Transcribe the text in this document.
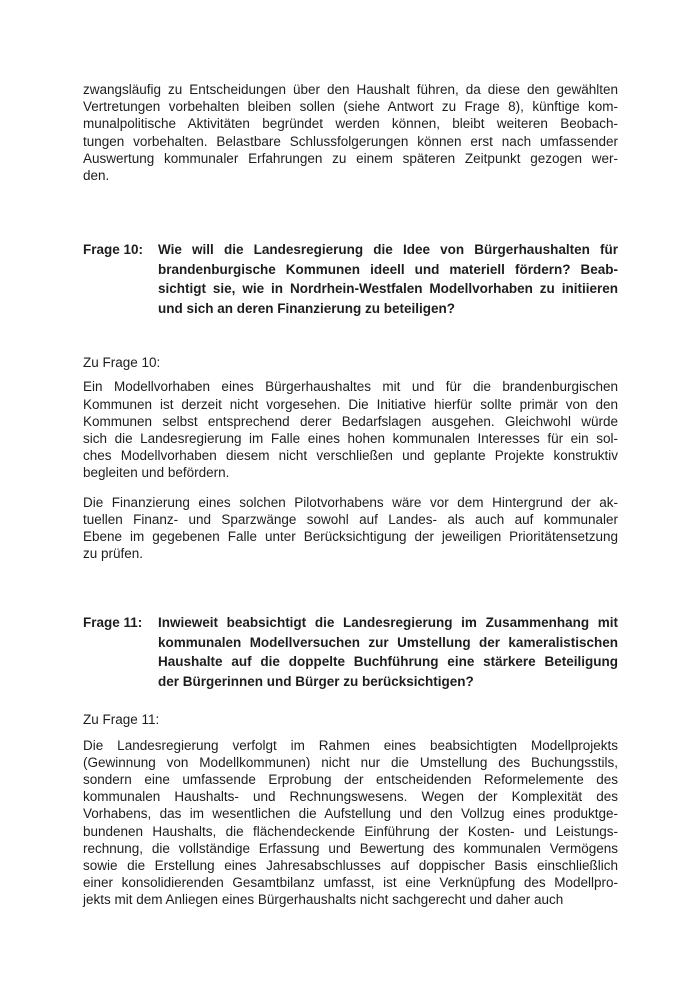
zwangsläufig zu Entscheidungen über den Haushalt führen, da diese den gewählten
Vertretungen vorbehalten bleiben sollen (siehe Antwort zu Frage 8), künftige kom-
munalpolitische Aktivitäten begründet werden können, bleibt weiteren Beobach-
tungen vorbehalten. Belastbare Schlussfolgerungen können erst nach umfassender
Auswertung kommunaler Erfahrungen zu einem späteren Zeitpunkt gezogen wer-
den.
Frage 10:	Wie will die Landesregierung die Idee von Bürgerhaushalten für
brandenburgische Kommunen ideell und materiell fördern? Beab-
sichtigt sie, wie in Nordrhein-Westfalen Modellvorhaben zu initiieren
und sich an deren Finanzierung zu beteiligen?
Zu Frage 10:
Ein Modellvorhaben eines Bürgerhaushaltes mit und für die brandenburgischen
Kommunen ist derzeit nicht vorgesehen. Die Initiative hierfür sollte primär von den
Kommunen selbst entsprechend derer Bedarfslagen ausgehen. Gleichwohl würde
sich die Landesregierung im Falle eines hohen kommunalen Interesses für ein sol-
ches Modellvorhaben diesem nicht verschließen und geplante Projekte konstruktiv
begleiten und befördern.
Die Finanzierung eines solchen Pilotvorhabens wäre vor dem Hintergrund der ak-
tuellen Finanz- und Sparzwänge sowohl auf Landes- als auch auf kommunaler
Ebene im gegebenen Falle unter Berücksichtigung der jeweiligen Prioritätensetzung
zu prüfen.
Frage 11:	Inwieweit beabsichtigt die Landesregierung im Zusammenhang mit
kommunalen Modellversuchen zur Umstellung der kameralistischen
Haushalte auf die doppelte Buchführung eine stärkere Beteiligung
der Bürgerinnen und Bürger zu berücksichtigen?
Zu Frage 11:
Die Landesregierung verfolgt im Rahmen eines beabsichtigten Modellprojekts
(Gewinnung von Modellkommunen) nicht nur die Umstellung des Buchungsstils,
sondern eine umfassende Erprobung der entscheidenden Reformelemente des
kommunalen Haushalts- und Rechnungswesens. Wegen der Komplexität des
Vorhabens, das im wesentlichen die Aufstellung und den Vollzug eines produktge-
bundenen Haushalts, die flächendeckende Einführung der Kosten- und Leistungs-
rechnung, die vollständige Erfassung und Bewertung des kommunalen Vermögens
sowie die Erstellung eines Jahresabschlusses auf doppischer Basis einschließlich
einer konsolidierenden Gesamtbilanz umfasst, ist eine Verknüpfung des Modellpro-
jekts mit dem Anliegen eines Bürgerhaushalts nicht sachgerecht und daher auch
